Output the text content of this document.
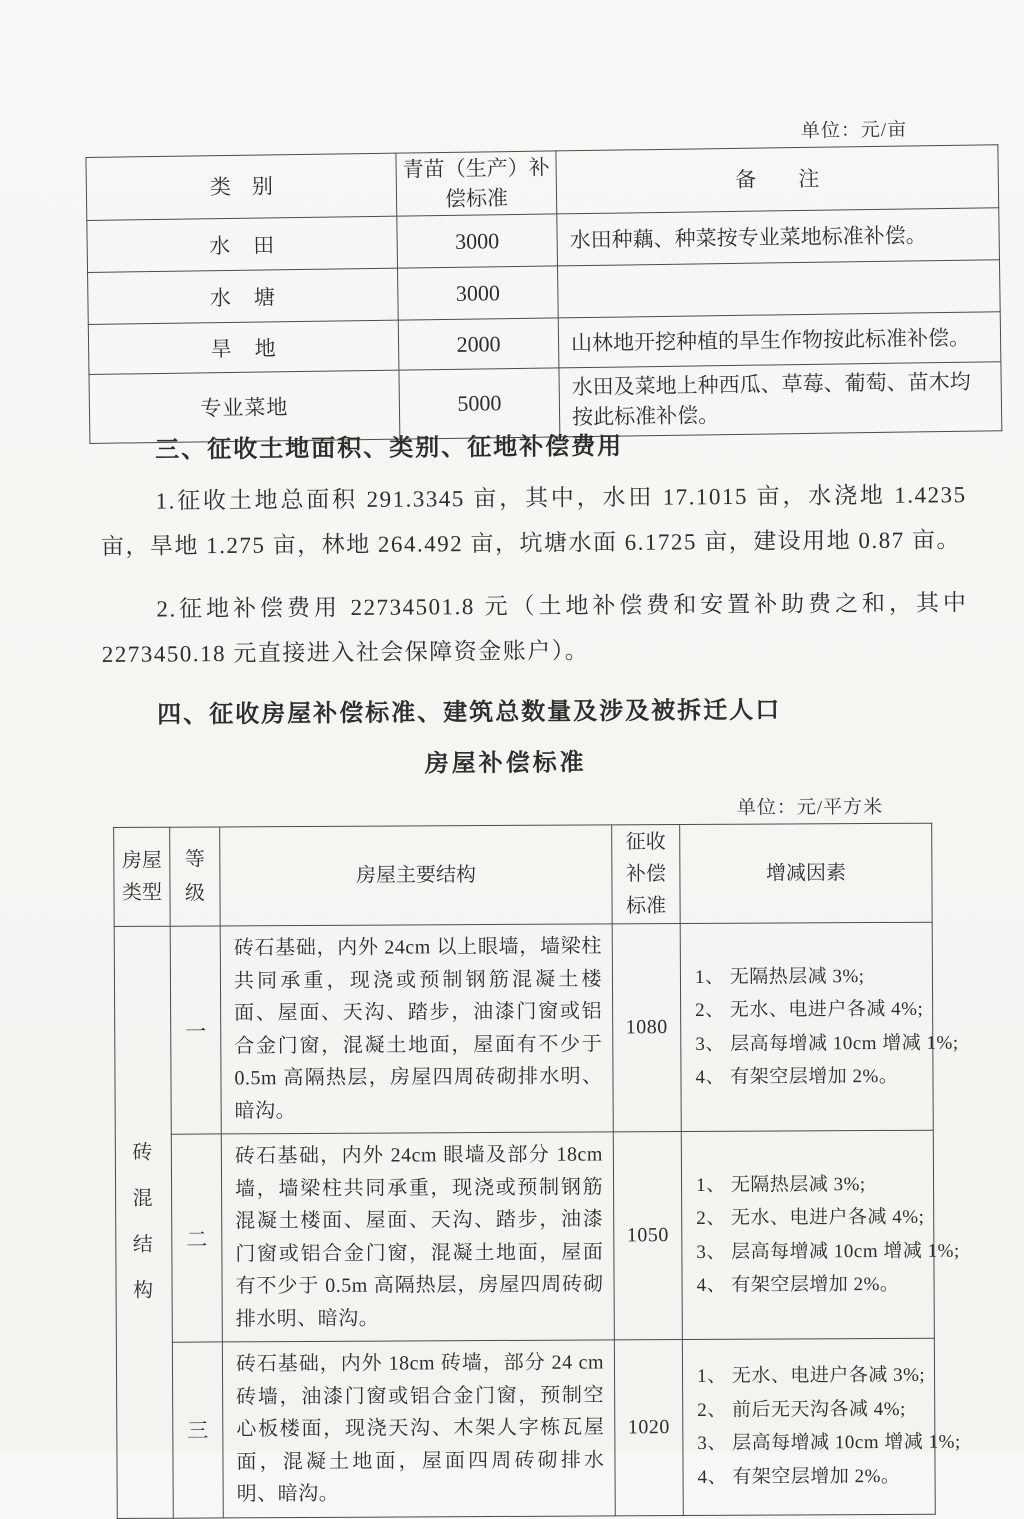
单位：元/亩
类　别	青苗（生产）补偿标准	备　　注
水　田	3000	水田种藕、种菜按专业菜地标准补偿。
水　塘	3000	
旱　地	2000	山林地开挖种植的旱生作物按此标准补偿。
专业菜地	5000	水田及菜地上种西瓜、草莓、葡萄、苗木均按此标准补偿。
三、征收土地面积、类别、征地补偿费用

1.征收土地总面积 291.3345 亩，其中，水田 17.1015 亩，水浇地 1.4235 亩，旱地 1.275 亩，林地 264.492 亩，坑塘水面 6.1725 亩，建设用地 0.87 亩。

2.征地补偿费用 22734501.8 元（土地补偿费和安置补助费之和，其中 2273450.18 元直接进入社会保障资金账户）。

四、征收房屋补偿标准、建筑总数量及涉及被拆迁人口
房屋补偿标准
单位：元/平方米
房屋类型	等级	房屋主要结构	征收补偿标准	增减因素

砖混结构	一	砖石基础，内外 24cm 以上眼墙，墙梁柱共同承重，现浇或预制钢筋混凝土楼面、屋面、天沟、踏步，油漆门窗或铝合金门窗，混凝土地面，屋面有不少于 0.5m 高隔热层，房屋四周砖砌排水明、暗沟。	1080	1、 无隔热层减 3%;
2、 无水、电进户各减 4%;
3、 层高每增减 10cm 增减 1%;
4、 有架空层增加 2%。

	二	砖石基础，内外 24cm 眼墙及部分 18cm 墙，墙梁柱共同承重，现浇或预制钢筋混凝土楼面、屋面、天沟、踏步，油漆门窗或铝合金门窗，混凝土地面，屋面有不少于 0.5m 高隔热层，房屋四周砖砌排水明、暗沟。	1050	1、 无隔热层减 3%;
2、 无水、电进户各减 4%;
3、 层高每增减 10cm 增减 1%;
4、 有架空层增加 2%。

	三	砖石基础，内外 18cm 砖墙，部分 24 cm 砖墙，油漆门窗或铝合金门窗，预制空心板楼面，现浇天沟、木架人字栋瓦屋面，混凝土地面，屋面四周砖砌排水明、暗沟。	1020	1、 无水、电进户各减 3%;
2、 前后无天沟各减 4%;
3、 层高每增减 10cm 增减 1%;
4、 有架空层增加 2%。
